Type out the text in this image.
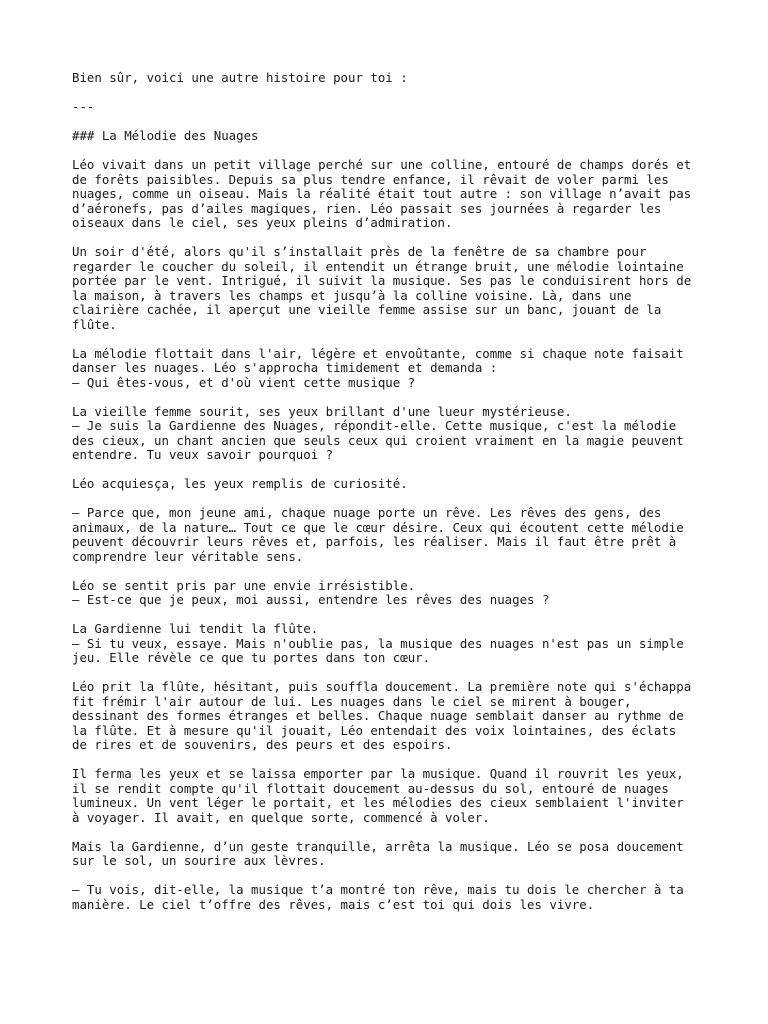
Bien sûr, voici une autre histoire pour toi :

---

### La Mélodie des Nuages

Léo vivait dans un petit village perché sur une colline, entouré de champs dorés et
de forêts paisibles. Depuis sa plus tendre enfance, il rêvait de voler parmi les
nuages, comme un oiseau. Mais la réalité était tout autre : son village n’avait pas
d’aéronefs, pas d’ailes magiques, rien. Léo passait ses journées à regarder les
oiseaux dans le ciel, ses yeux pleins d’admiration.

Un soir d'été, alors qu'il s’installait près de la fenêtre de sa chambre pour
regarder le coucher du soleil, il entendit un étrange bruit, une mélodie lointaine
portée par le vent. Intrigué, il suivit la musique. Ses pas le conduisirent hors de
la maison, à travers les champs et jusqu’à la colline voisine. Là, dans une
clairière cachée, il aperçut une vieille femme assise sur un banc, jouant de la
flûte.

La mélodie flottait dans l'air, légère et envoûtante, comme si chaque note faisait
danser les nuages. Léo s'approcha timidement et demanda :
– Qui êtes-vous, et d'où vient cette musique ?

La vieille femme sourit, ses yeux brillant d'une lueur mystérieuse.
– Je suis la Gardienne des Nuages, répondit-elle. Cette musique, c'est la mélodie
des cieux, un chant ancien que seuls ceux qui croient vraiment en la magie peuvent
entendre. Tu veux savoir pourquoi ?

Léo acquiesça, les yeux remplis de curiosité.

– Parce que, mon jeune ami, chaque nuage porte un rêve. Les rêves des gens, des
animaux, de la nature… Tout ce que le cœur désire. Ceux qui écoutent cette mélodie
peuvent découvrir leurs rêves et, parfois, les réaliser. Mais il faut être prêt à
comprendre leur véritable sens.

Léo se sentit pris par une envie irrésistible.
– Est-ce que je peux, moi aussi, entendre les rêves des nuages ?

La Gardienne lui tendit la flûte.
– Si tu veux, essaye. Mais n'oublie pas, la musique des nuages n'est pas un simple
jeu. Elle révèle ce que tu portes dans ton cœur.

Léo prit la flûte, hésitant, puis souffla doucement. La première note qui s'échappa
fit frémir l'air autour de lui. Les nuages dans le ciel se mirent à bouger,
dessinant des formes étranges et belles. Chaque nuage semblait danser au rythme de
la flûte. Et à mesure qu'il jouait, Léo entendait des voix lointaines, des éclats
de rires et de souvenirs, des peurs et des espoirs.

Il ferma les yeux et se laissa emporter par la musique. Quand il rouvrit les yeux,
il se rendit compte qu'il flottait doucement au-dessus du sol, entouré de nuages
lumineux. Un vent léger le portait, et les mélodies des cieux semblaient l'inviter
à voyager. Il avait, en quelque sorte, commencé à voler.

Mais la Gardienne, d’un geste tranquille, arrêta la musique. Léo se posa doucement
sur le sol, un sourire aux lèvres.

– Tu vois, dit-elle, la musique t’a montré ton rêve, mais tu dois le chercher à ta
manière. Le ciel t’offre des rêves, mais c’est toi qui dois les vivre.
